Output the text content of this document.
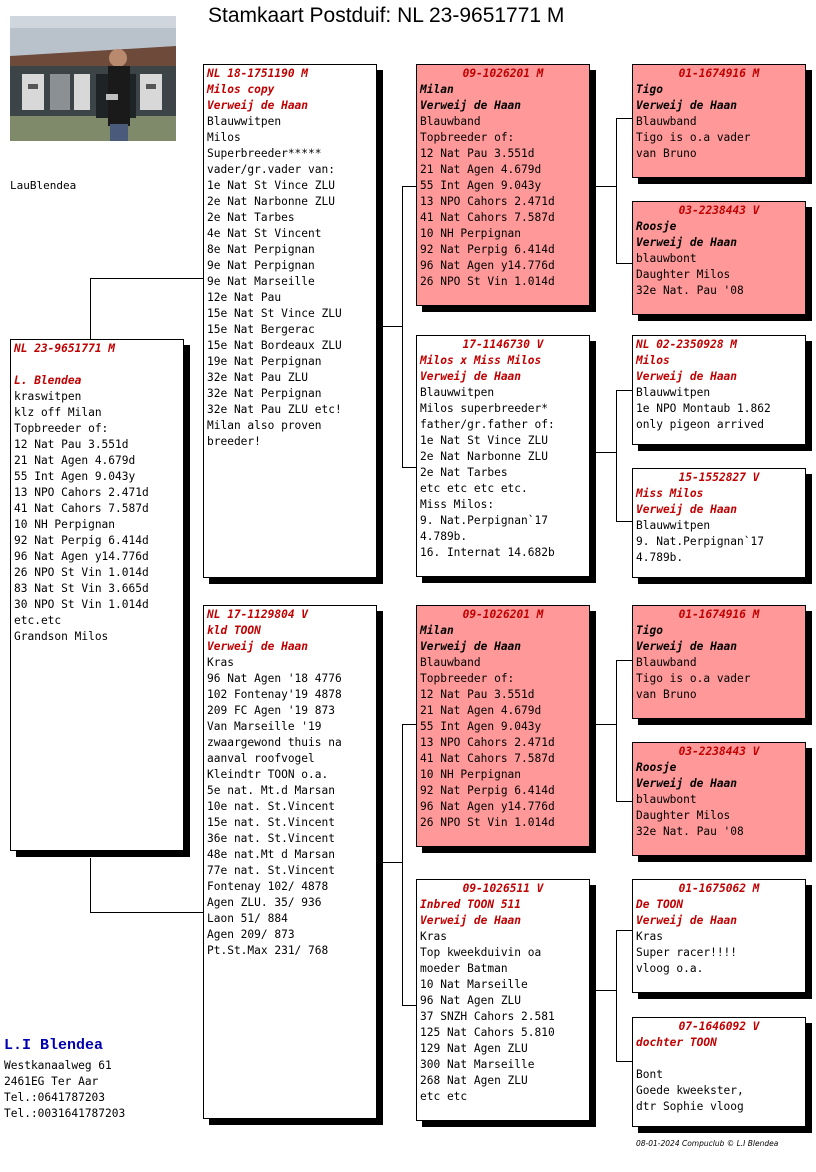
Stamkaart Postduif: NL 23-9651771 M
LauBlendea
NL 23-9651771 M
L. Blendea
kraswitpen
klz off Milan
Topbreeder of:
12 Nat Pau 3.551d
21 Nat Agen 4.679d
55 Int Agen 9.043y
13 NPO Cahors 2.471d
41 Nat Cahors 7.587d
10 NH Perpignan
92 Nat Perpig 6.414d
96 Nat Agen y14.776d
26 NPO St Vin 1.014d
83 Nat St Vin 3.665d
30 NPO St Vin 1.014d
etc.etc
Grandson Milos
NL 18-1751190 M
Milos copy
Verweij de Haan
Blauwwitpen
Milos
Superbreeder*****
vader/gr.vader van:
1e Nat St Vince ZLU
2e Nat Narbonne ZLU
2e Nat Tarbes
4e Nat St Vincent
8e Nat Perpignan
9e Nat Perpignan
9e Nat Marseille
12e Nat Pau
15e Nat St Vince ZLU
15e Nat Bergerac
15e Nat Bordeaux ZLU
19e Nat Perpignan
32e Nat Pau ZLU
32e Nat Perpignan
32e Nat Pau ZLU etc!
Milan also proven
breeder!
NL 17-1129804 V
kld TOON
Verweij de Haan
Kras
96 Nat Agen '18 4776
102 Fontenay'19 4878
209 FC Agen '19 873
Van Marseille '19
zwaargewond thuis na
aanval roofvogel
Kleindtr TOON o.a.
5e nat. Mt.d Marsan
10e nat. St.Vincent
15e nat. St.Vincent
36e nat. St.Vincent
48e nat.Mt d Marsan
77e nat. St.Vincent
Fontenay 102/ 4878
Agen ZLU. 35/ 936
Laon 51/ 884
Agen 209/ 873
Pt.St.Max 231/ 768
09-1026201 M
Milan
Verweij de Haan
Blauwband
Topbreeder of:
12 Nat Pau 3.551d
21 Nat Agen 4.679d
55 Int Agen 9.043y
13 NPO Cahors 2.471d
41 Nat Cahors 7.587d
10 NH Perpignan
92 Nat Perpig 6.414d
96 Nat Agen y14.776d
26 NPO St Vin 1.014d
17-1146730 V
Milos x Miss Milos
Verweij de Haan
Blauwwitpen
Milos superbreeder*
father/gr.father of:
1e Nat St Vince ZLU
2e Nat Narbonne ZLU
2e Nat Tarbes
etc etc etc etc.
Miss Milos:
9. Nat.Perpignan`17
4.789b.
16. Internat 14.682b
09-1026201 M
Milan
Verweij de Haan
Blauwband
Topbreeder of:
12 Nat Pau 3.551d
21 Nat Agen 4.679d
55 Int Agen 9.043y
13 NPO Cahors 2.471d
41 Nat Cahors 7.587d
10 NH Perpignan
92 Nat Perpig 6.414d
96 Nat Agen y14.776d
26 NPO St Vin 1.014d
09-1026511 V
Inbred TOON 511
Verweij de Haan
Kras
Top kweekduivin oa
moeder Batman
10 Nat Marseille
96 Nat Agen ZLU
37 SNZH Cahors 2.581
125 Nat Cahors 5.810
129 Nat Agen ZLU
300 Nat Marseille
268 Nat Agen ZLU
etc etc
01-1674916 M
Tigo
Verweij de Haan
Blauwband
Tigo is o.a vader
van Bruno
03-2238443 V
Roosje
Verweij de Haan
blauwbont
Daughter Milos
32e Nat. Pau '08
NL 02-2350928 M
Milos
Verweij de Haan
Blauwwitpen
1e NPO Montaub 1.862
only pigeon arrived
15-1552827 V
Miss Milos
Verweij de Haan
Blauwwitpen
9. Nat.Perpignan`17
4.789b.
01-1674916 M
Tigo
Verweij de Haan
Blauwband
Tigo is o.a vader
van Bruno
03-2238443 V
Roosje
Verweij de Haan
blauwbont
Daughter Milos
32e Nat. Pau '08
01-1675062 M
De TOON
Verweij de Haan
Kras
Super racer!!!!
vloog o.a.
07-1646092 V
dochter TOON
Bont
Goede kweekster,
dtr Sophie vloog
L.I Blendea
Westkanaalweg 61
2461EG Ter Aar
Tel.:0641787203
Tel.:0031641787203
08-01-2024 Compuclub © L.I Blendea
